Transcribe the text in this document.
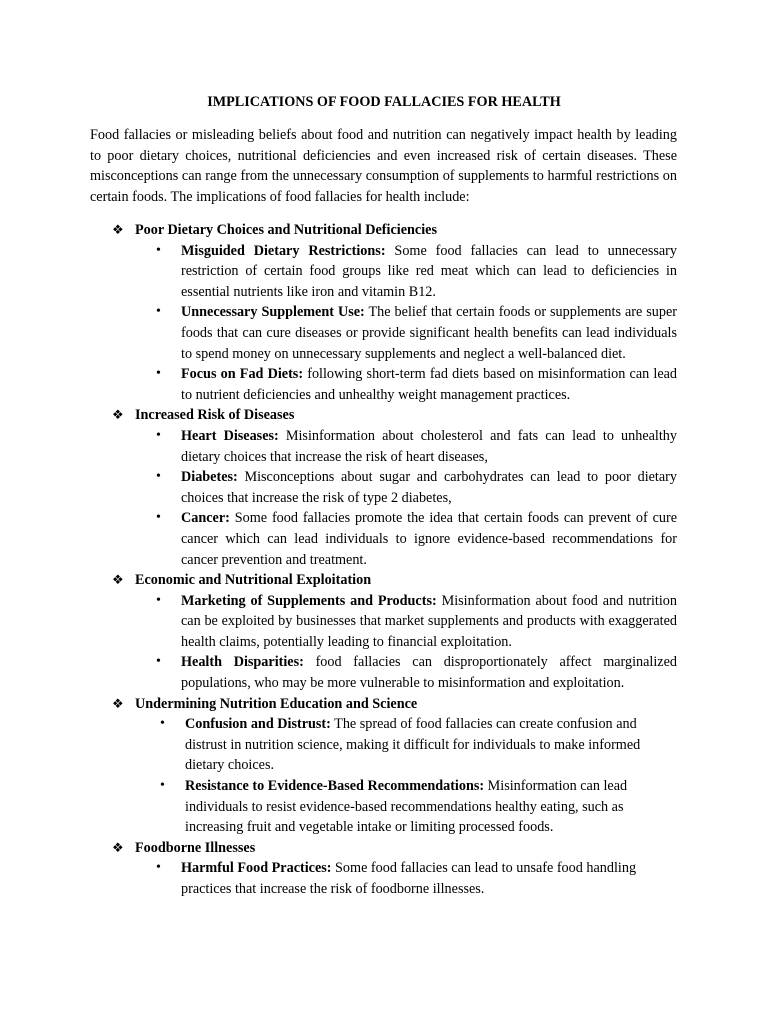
IMPLICATIONS OF FOOD FALLACIES FOR HEALTH

Food fallacies or misleading beliefs about food and nutrition can negatively impact health by leading to poor dietary choices, nutritional deficiencies and even increased risk of certain diseases. These misconceptions can range from the unnecessary consumption of supplements to harmful restrictions on certain foods. The implications of food fallacies for health include:

❖ Poor Dietary Choices and Nutritional Deficiencies
• Misguided Dietary Restrictions: Some food fallacies can lead to unnecessary restriction of certain food groups like red meat which can lead to deficiencies in essential nutrients like iron and vitamin B12.
• Unnecessary Supplement Use: The belief that certain foods or supplements are super foods that can cure diseases or provide significant health benefits can lead individuals to spend money on unnecessary supplements and neglect a well-balanced diet.
• Focus on Fad Diets: following short-term fad diets based on misinformation can lead to nutrient deficiencies and unhealthy weight management practices.
❖ Increased Risk of Diseases
• Heart Diseases: Misinformation about cholesterol and fats can lead to unhealthy dietary choices that increase the risk of heart diseases,
• Diabetes: Misconceptions about sugar and carbohydrates can lead to poor dietary choices that increase the risk of type 2 diabetes,
• Cancer: Some food fallacies promote the idea that certain foods can prevent of cure cancer which can lead individuals to ignore evidence-based recommendations for cancer prevention and treatment.
❖ Economic and Nutritional Exploitation
• Marketing of Supplements and Products: Misinformation about food and nutrition can be exploited by businesses that market supplements and products with exaggerated health claims, potentially leading to financial exploitation.
• Health Disparities: food fallacies can disproportionately affect marginalized populations, who may be more vulnerable to misinformation and exploitation.
❖ Undermining Nutrition Education and Science
• Confusion and Distrust: The spread of food fallacies can create confusion and distrust in nutrition science, making it difficult for individuals to make informed dietary choices.
• Resistance to Evidence-Based Recommendations: Misinformation can lead individuals to resist evidence-based recommendations healthy eating, such as increasing fruit and vegetable intake or limiting processed foods.
❖ Foodborne Illnesses
• Harmful Food Practices: Some food fallacies can lead to unsafe food handling practices that increase the risk of foodborne illnesses.
